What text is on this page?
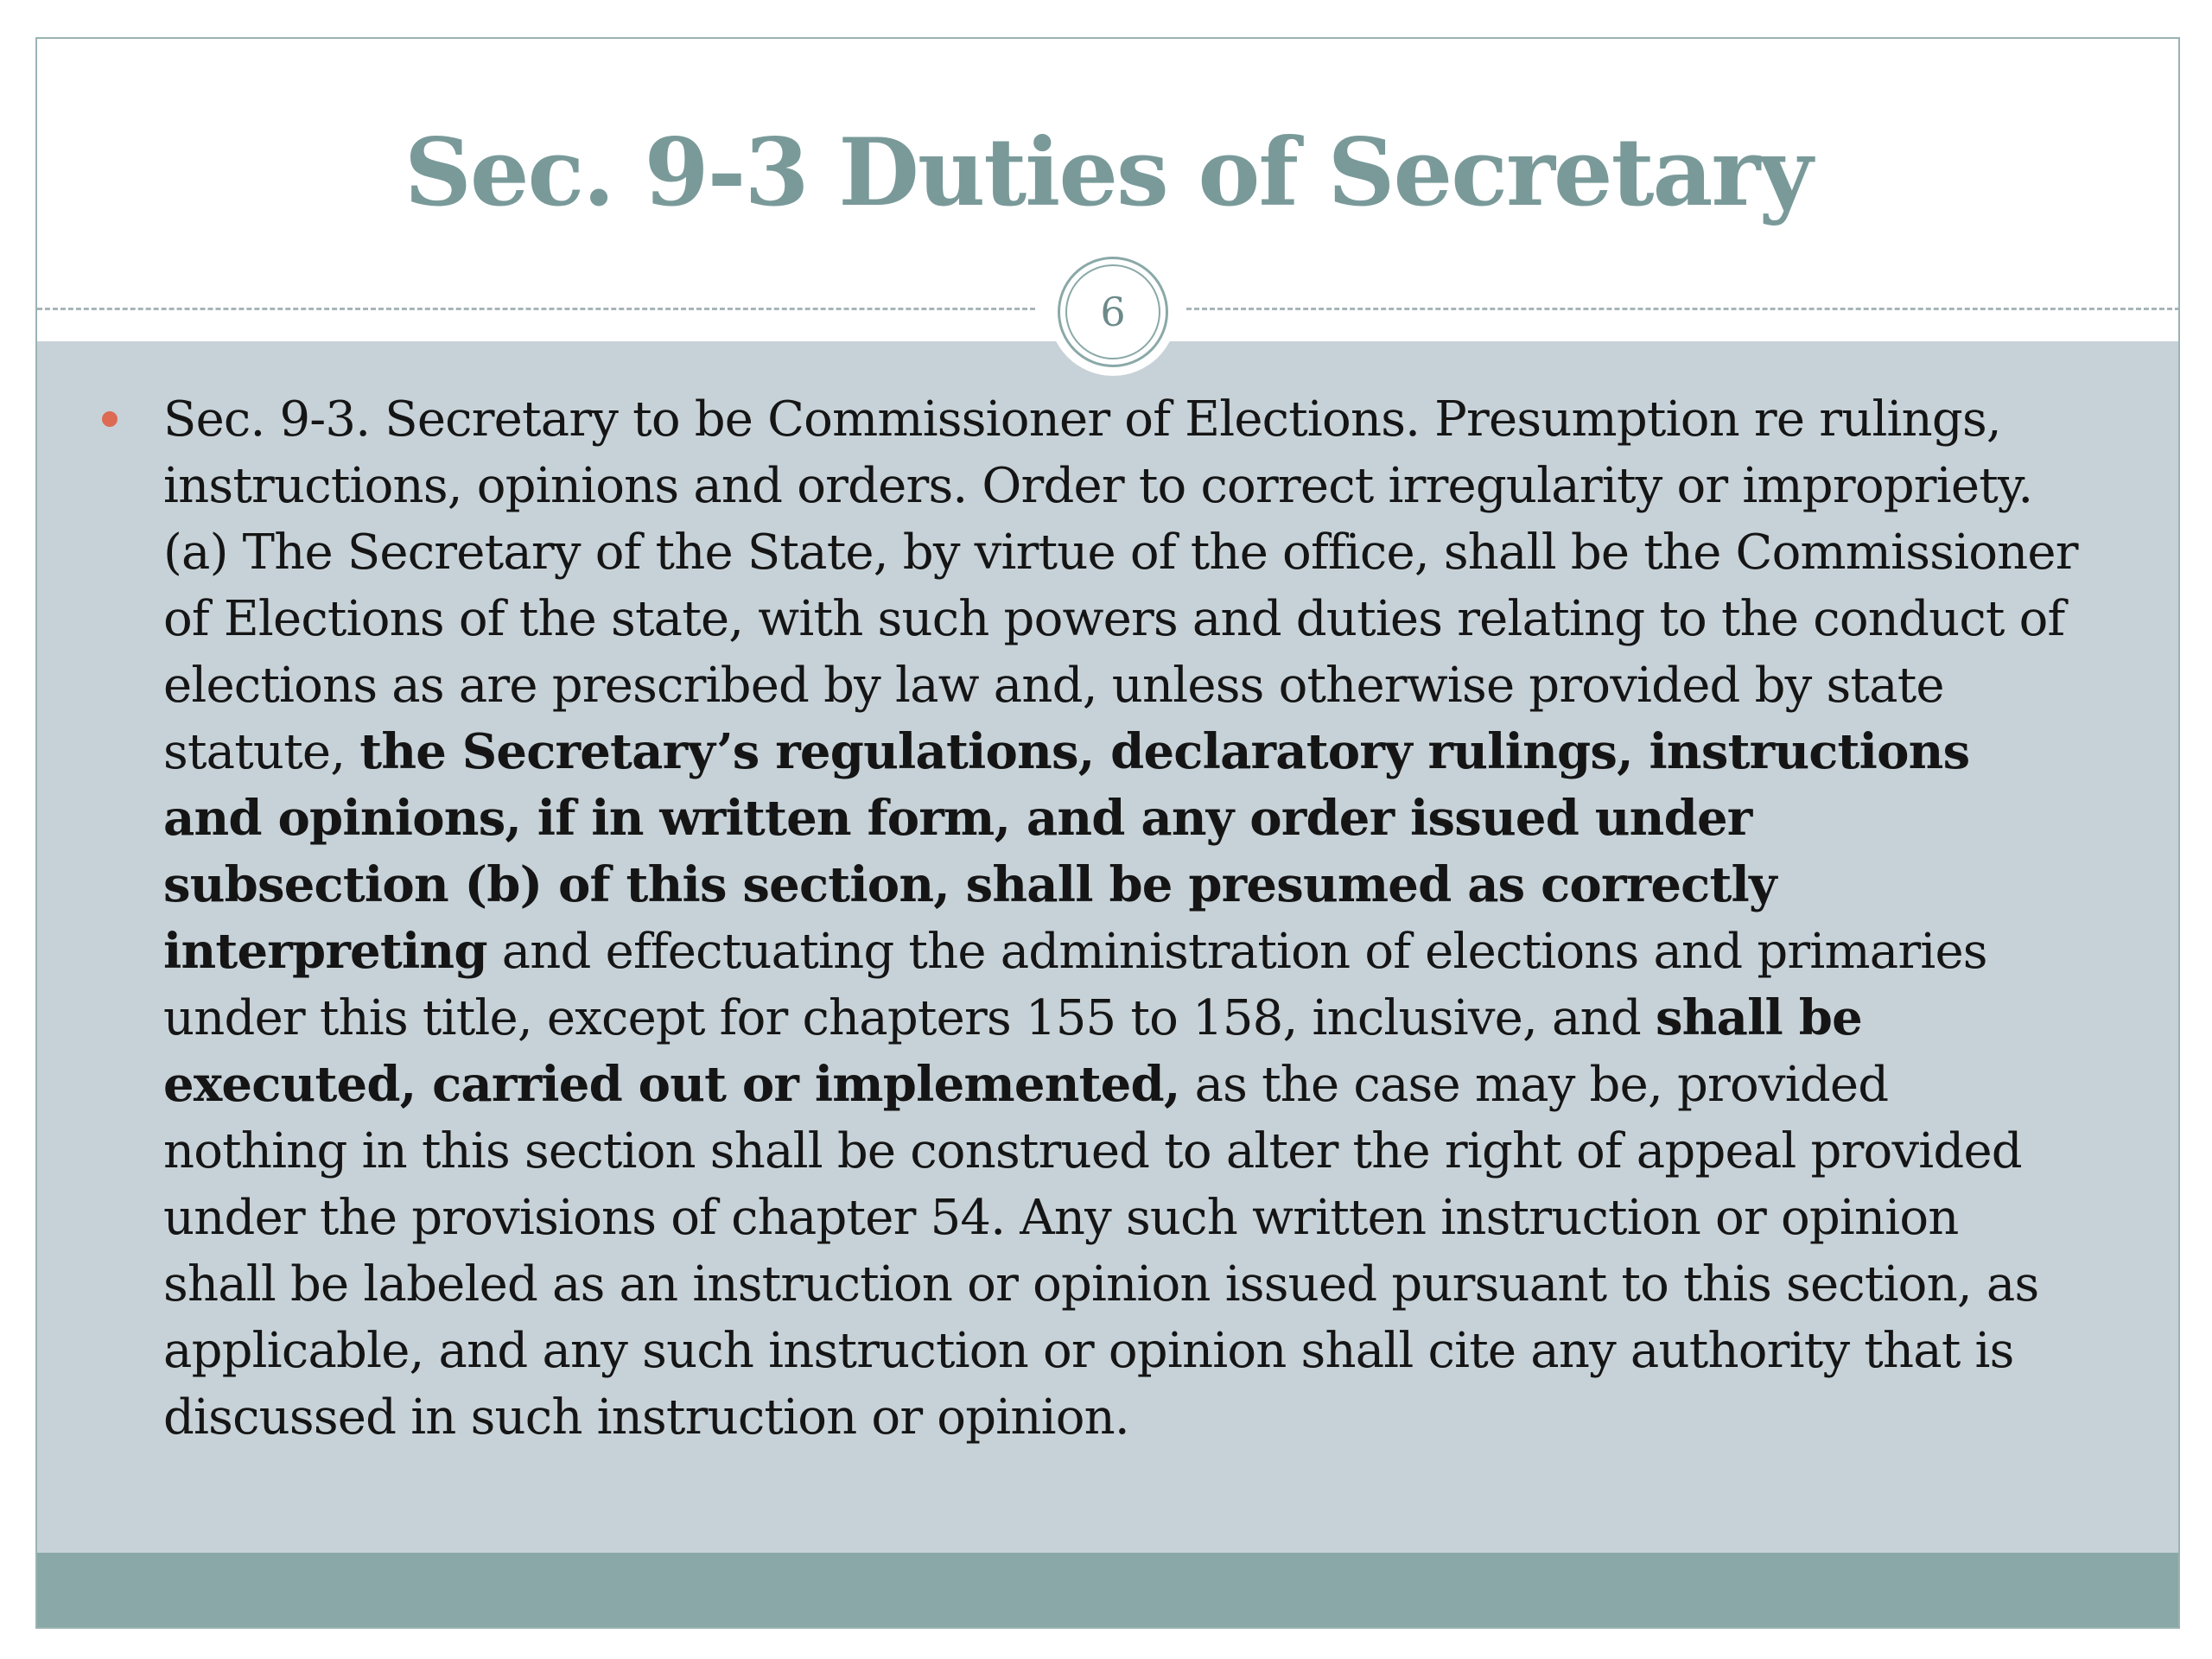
Sec. 9-3 Duties of Secretary
6
Sec. 9-3. Secretary to be Commissioner of Elections. Presumption re rulings,
instructions, opinions and orders. Order to correct irregularity or impropriety.
(a) The Secretary of the State, by virtue of the office, shall be the Commissioner
of Elections of the state, with such powers and duties relating to the conduct of
elections as are prescribed by law and, unless otherwise provided by state
statute, the Secretary’s regulations, declaratory rulings, instructions
and opinions, if in written form, and any order issued under
subsection (b) of this section, shall be presumed as correctly
interpreting and effectuating the administration of elections and primaries
under this title, except for chapters 155 to 158, inclusive, and shall be
executed, carried out or implemented, as the case may be, provided
nothing in this section shall be construed to alter the right of appeal provided
under the provisions of chapter 54. Any such written instruction or opinion
shall be labeled as an instruction or opinion issued pursuant to this section, as
applicable, and any such instruction or opinion shall cite any authority that is
discussed in such instruction or opinion.
